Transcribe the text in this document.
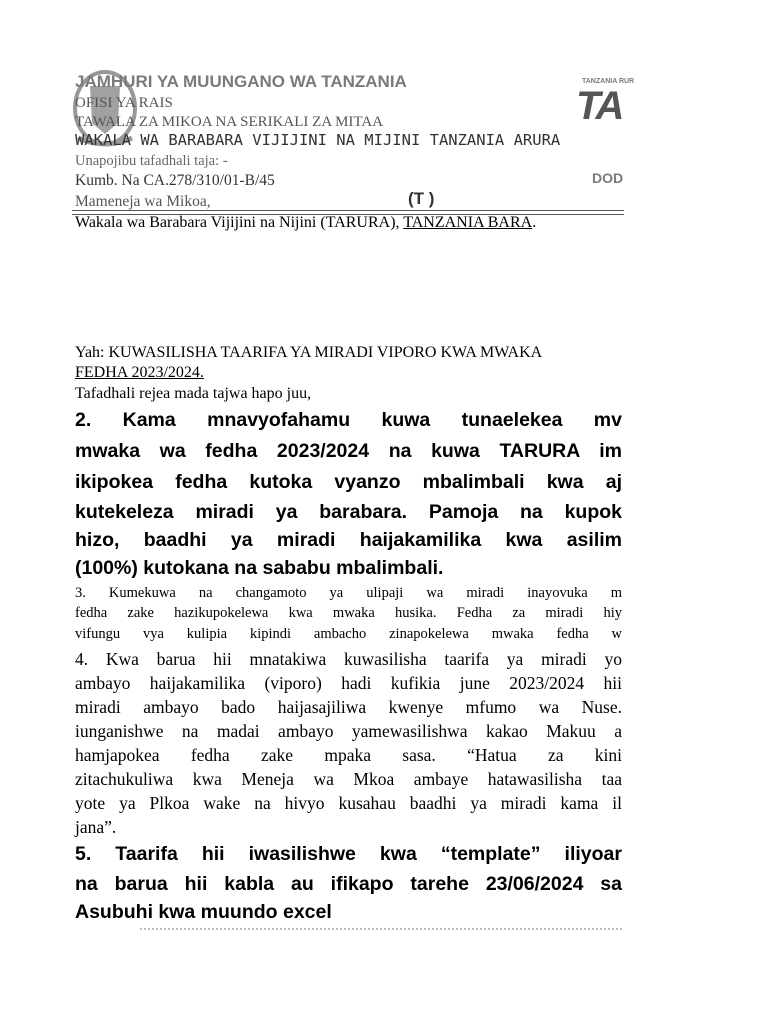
TANZANIA RUR
TA
JAMHURI YA MUUNGANO WA TANZANIA
OFISI YA RAIS
TAWALA ZA MIKOA NA SERIKALI ZA MITAA
WAKALA WA BARABARA VIJIJINI NA MIJINI TANZANIA ARURA
Unapojibu tafadhali taja: -
Kumb. Na CA.278/310/01-B/45	DOD
(T )
Mameneja wa Mikoa,
Wakala wa Barabara Vijijini na Nijini (TARURA), TANZANIA BARA.
Yah: KUWASILISHA TAARIFA YA MIRADI VIPORO KWA MWAKA
FEDHA 2023/2024.
Tafadhali rejea mada tajwa hapo juu,
2. Kama mnavyofahamu kuwa tunaelekea mv
mwaka wa fedha 2023/2024 na kuwa TARURA im
ikipokea fedha kutoka vyanzo mbalimbali kwa aj
kutekeleza miradi ya barabara. Pamoja na kupok
hizo, baadhi ya miradi haijakamilika kwa asilim
(100%) kutokana na sababu mbalimbali.
3. Kumekuwa na changamoto ya ulipaji wa miradi inayovuka m
fedha zake hazikupokelewa kwa mwaka husika. Fedha za miradi hiy
vifungu vya kulipia kipindi ambacho zinapokelewa mwaka fedha w
4. Kwa barua hii mnatakiwa kuwasilisha taarifa ya miradi yo
ambayo haijakamilika (viporo) hadi kufikia june 2023/2024 hii
miradi ambayo bado haijasajiliwa kwenye mfumo wa Nuse.
iunganishwe na madai ambayo yamewasilishwa kakao Makuu a
hamjapokea fedha zake mpaka sasa. “Hatua za kini
zitachukuliwa kwa Meneja wa Mkoa ambaye hatawasilisha taa
yote ya Plkoa wake na hivyo kusahau baadhi ya miradi kama il
jana”.
5. Taarifa hii iwasilishwe kwa “template” iliyoar
na barua hii kabla au ifikapo tarehe 23/06/2024 sa
Asubuhi kwa muundo excel
